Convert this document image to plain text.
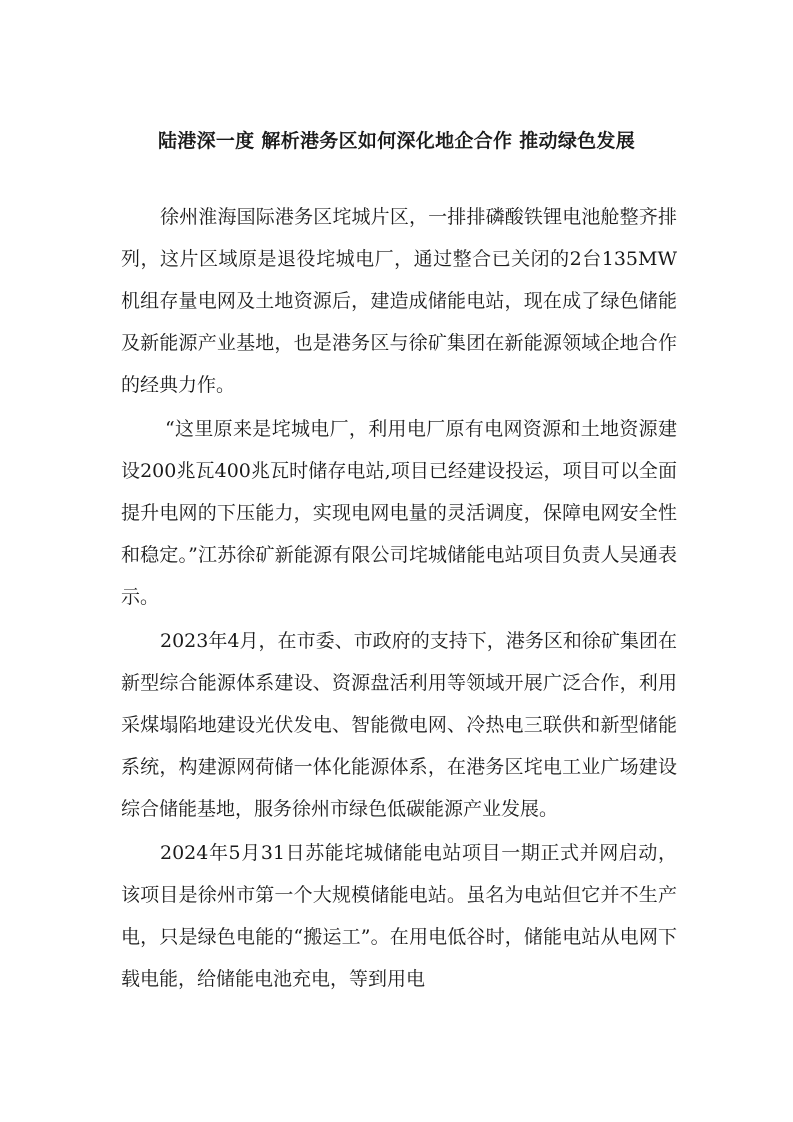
陆港深一度 解析港务区如何深化地企合作 推动绿色发展

徐州淮海国际港务区垞城片区，一排排磷酸铁锂电池舱整齐排列，这片区域原是退役垞城电厂，通过整合已关闭的2台135MW机组存量电网及土地资源后，建造成储能电站，现在成了绿色储能及新能源产业基地，也是港务区与徐矿集团在新能源领域企地合作的经典力作。

“这里原来是垞城电厂，利用电厂原有电网资源和土地资源建设200兆瓦400兆瓦时储存电站,项目已经建设投运，项目可以全面提升电网的下压能力，实现电网电量的灵活调度，保障电网安全性和稳定。”江苏徐矿新能源有限公司垞城储能电站项目负责人吴通表示。

2023年4月，在市委、市政府的支持下，港务区和徐矿集团在新型综合能源体系建设、资源盘活利用等领域开展广泛合作，利用采煤塌陷地建设光伏发电、智能微电网、冷热电三联供和新型储能系统，构建源网荷储一体化能源体系，在港务区垞电工业广场建设综合储能基地，服务徐州市绿色低碳能源产业发展。

2024年5月31日苏能垞城储能电站项目一期正式并网启动，该项目是徐州市第一个大规模储能电站。虽名为电站但它并不生产电，只是绿色电能的“搬运工”。在用电低谷时，储能电站从电网下载电能，给储能电池充电，等到用电
